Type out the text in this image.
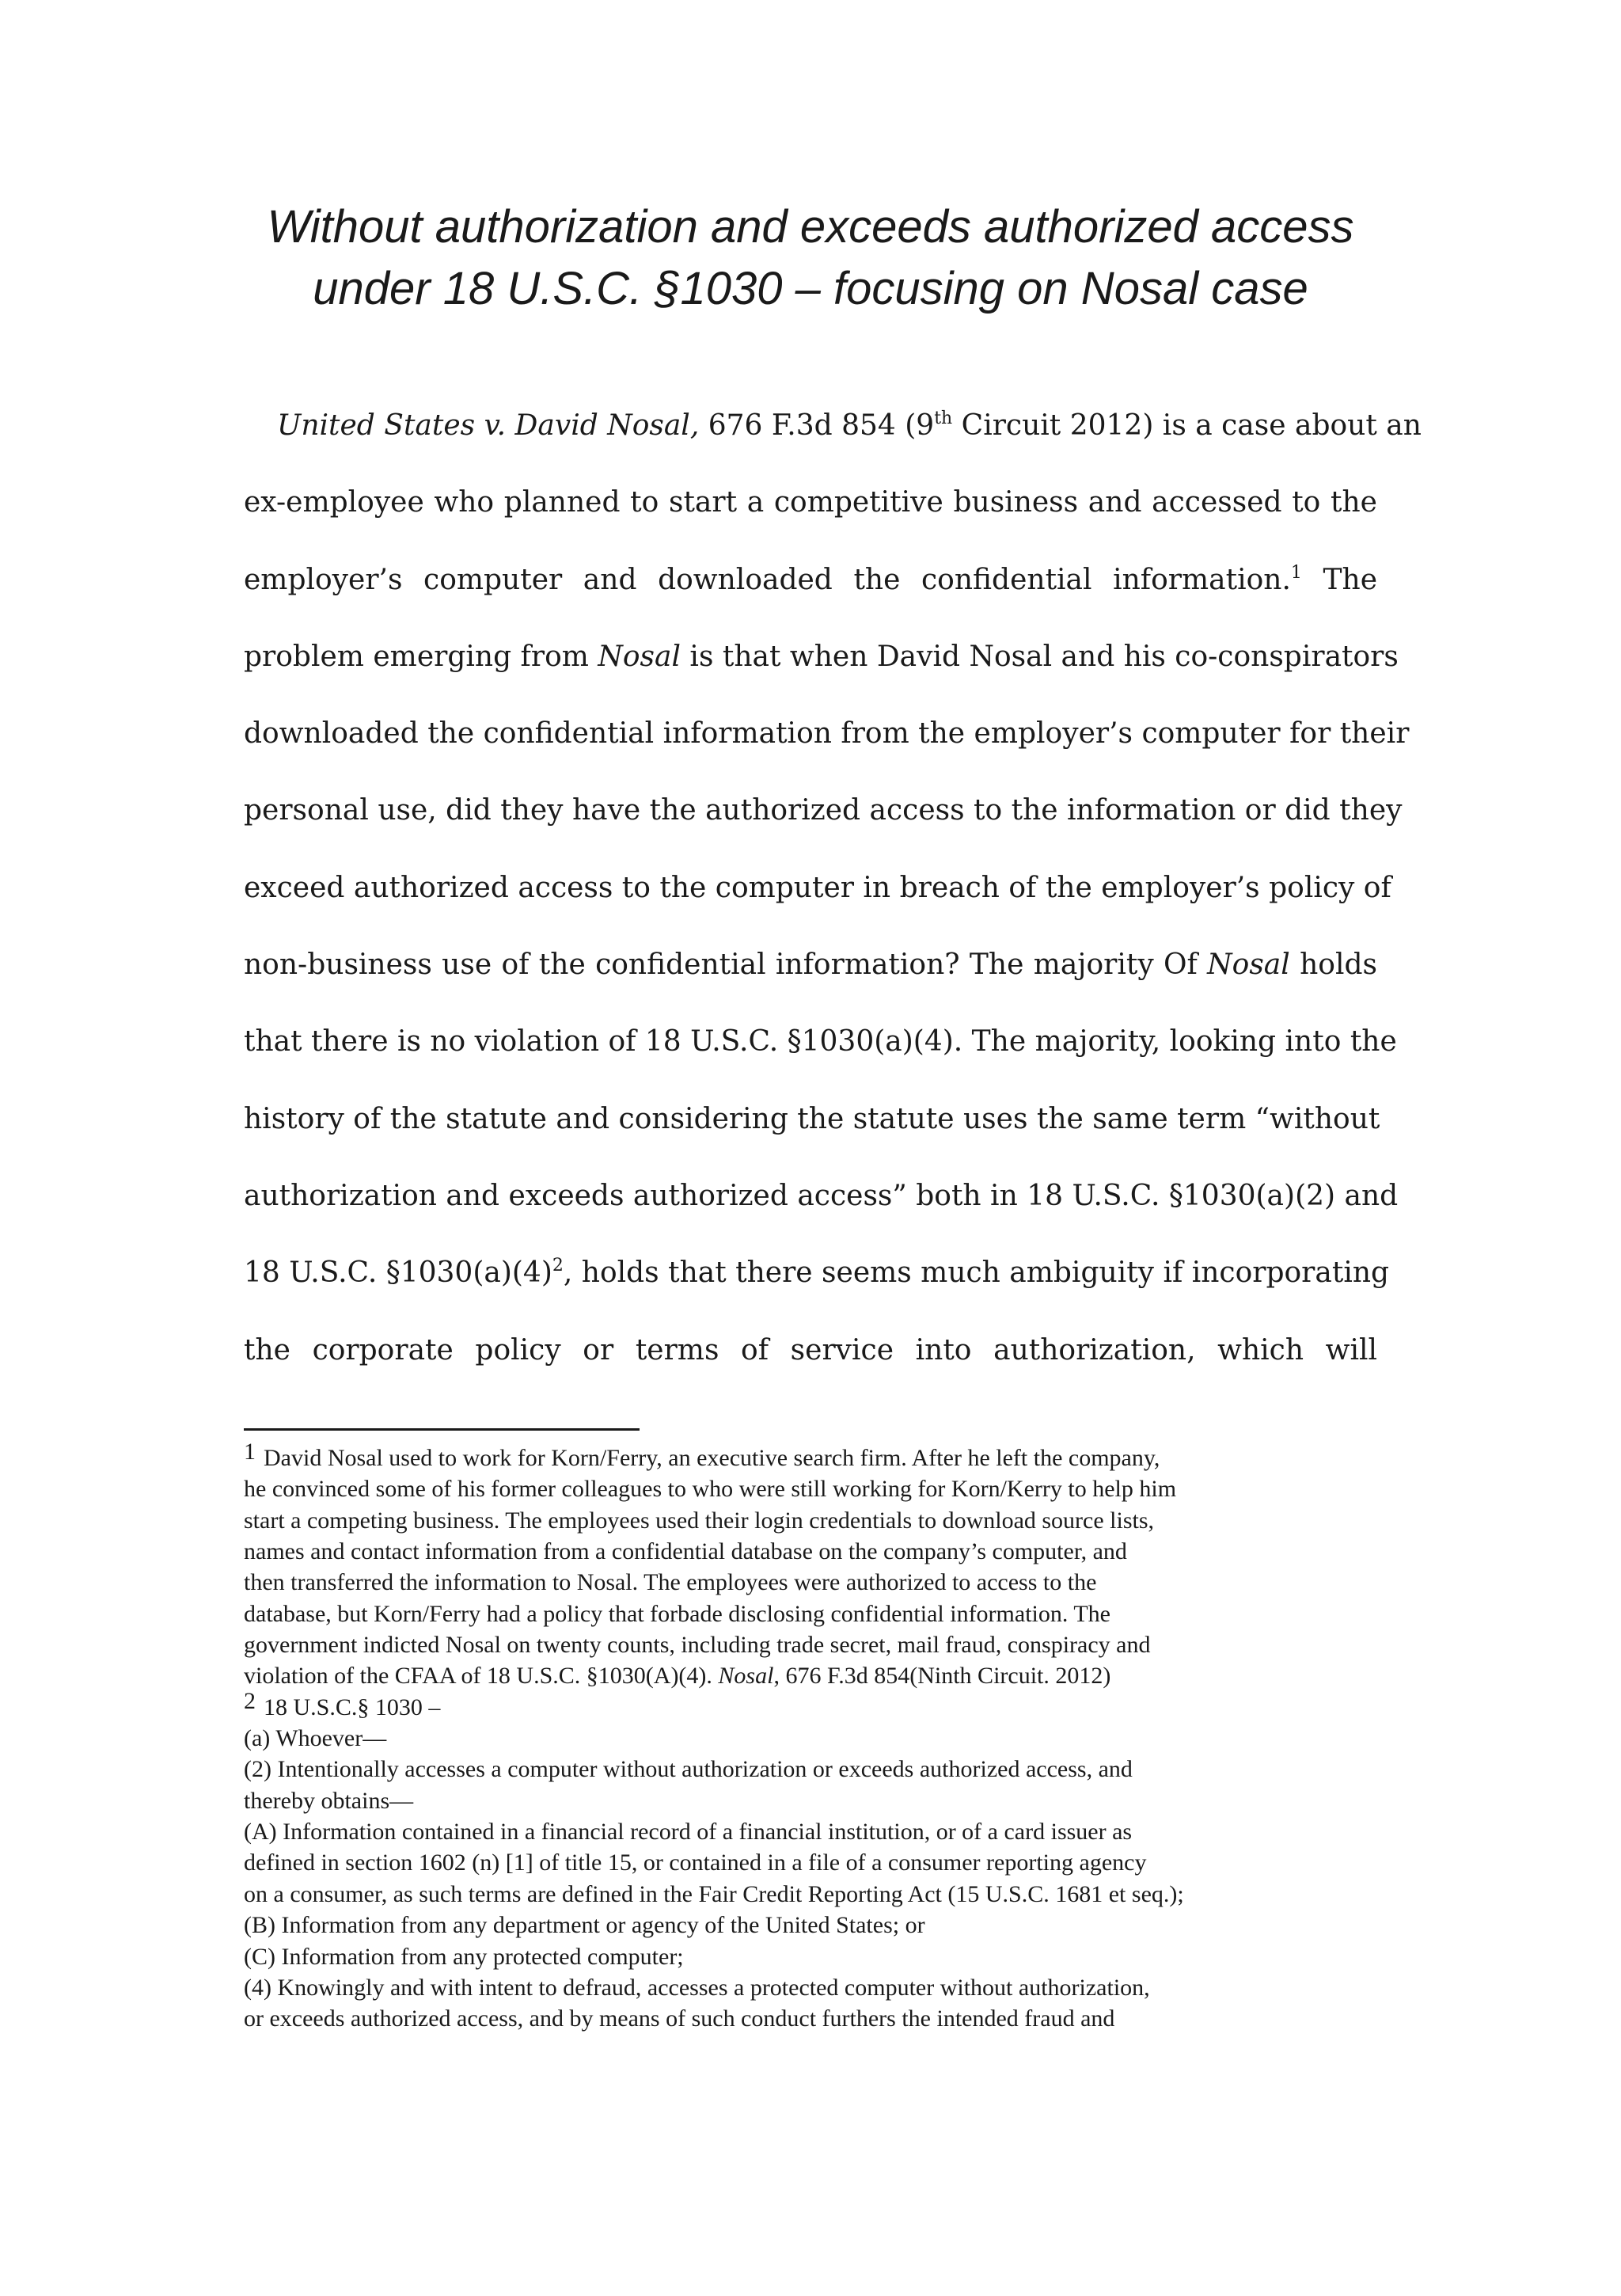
Without authorization and exceeds authorized access
under 18 U.S.C. §1030 – focusing on Nosal case
United States v. David Nosal, 676 F.3d 854 (9th Circuit 2012) is a case about an
ex-employee who planned to start a competitive business and accessed to the
employer’s computer and downloaded the confidential information.$^1$ The
problem emerging from Nosal is that when David Nosal and his co-conspirators
downloaded the confidential information from the employer’s computer for their
personal use, did they have the authorized access to the information or did they
exceed authorized access to the computer in breach of the employer’s policy of
non-business use of the confidential information? The majority Of Nosal holds
that there is no violation of 18 U.S.C. §1030(a)(4). The majority, looking into the
history of the statute and considering the statute uses the same term “without
authorization and exceeds authorized access” both in 18 U.S.C. §1030(a)(2) and
18 U.S.C. $\S 1030(a)(4)^2$, holds that there seems much ambiguity if incorporating
the corporate policy or terms of service into authorization, which will
1 David Nosal used to work for Korn/Ferry, an executive search firm. After he left the company,
he convinced some of his former colleagues to who were still working for Korn/Kerry to help him
start a competing business. The employees used their login credentials to download source lists,
names and contact information from a confidential database on the company’s computer, and
then transferred the information to Nosal. The employees were authorized to access to the
database, but Korn/Ferry had a policy that forbade disclosing confidential information. The
government indicted Nosal on twenty counts, including trade secret, mail fraud, conspiracy and
violation of the CFAA of 18 U.S.C. §1030(A)(4). Nosal, 676 F.3d 854(Ninth Circuit. 2012)
2 18 U.S.C.§ 1030 –
(a) Whoever—
(2) Intentionally accesses a computer without authorization or exceeds authorized access, and
thereby obtains—
(A) Information contained in a financial record of a financial institution, or of a card issuer as
defined in section 1602 (n) [1] of title 15, or contained in a file of a consumer reporting agency
on a consumer, as such terms are defined in the Fair Credit Reporting Act (15 U.S.C. 1681 et seq.);
(B) Information from any department or agency of the United States; or
(C) Information from any protected computer;
(4) Knowingly and with intent to defraud, accesses a protected computer without authorization,
or exceeds authorized access, and by means of such conduct furthers the intended fraud and
